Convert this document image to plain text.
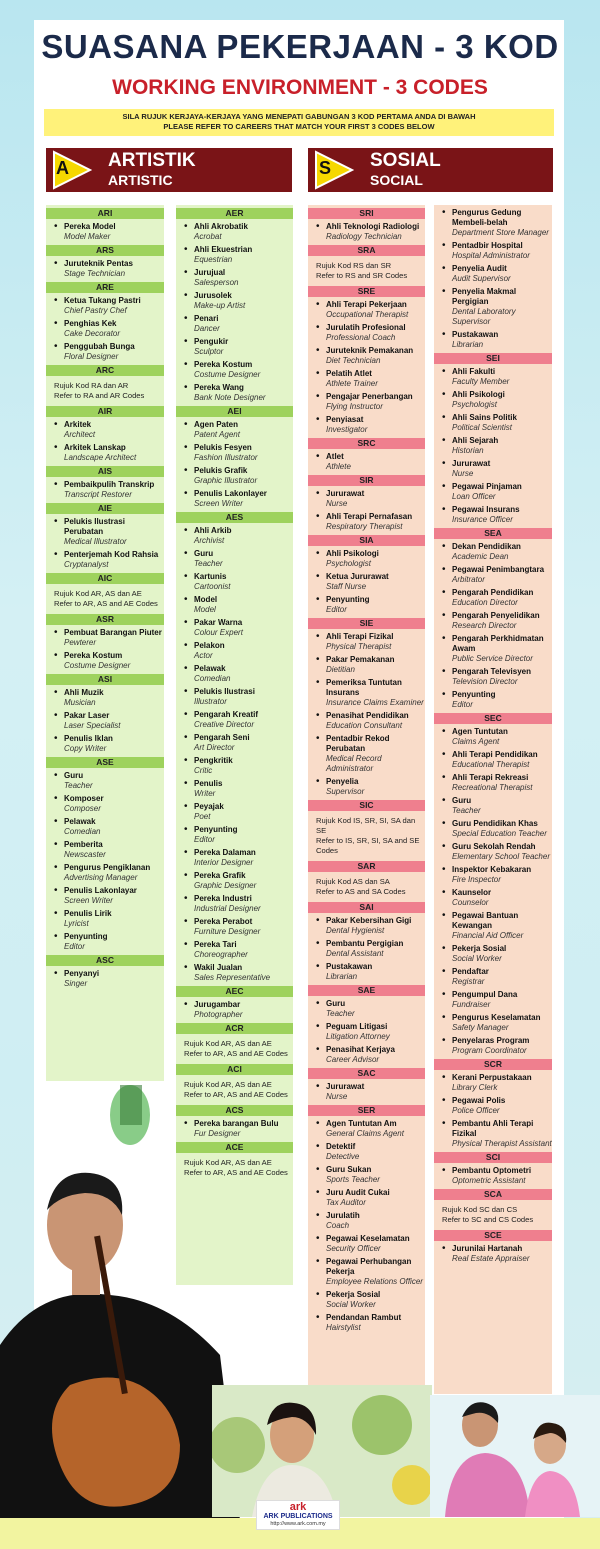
SUASANA PEKERJAAN - 3 KOD
WORKING ENVIRONMENT - 3 CODES
SILA RUJUK KERJAYA-KERJAYA YANG MENEPATI GABUNGAN 3 KOD PERTAMA ANDA DI BAWAH
PLEASE REFER TO CAREERS THAT MATCH YOUR FIRST 3 CODES BELOW
A ARTISTIK
ARTISTIC
S SOSIAL
SOCIAL
ARI
• Pereka Model
Model Maker
ARS
• Juruteknik Pentas
Stage Technician
ARE
• Ketua Tukang Pastri
Chief Pastry Chef
• Penghias Kek
Cake Decorator
• Penggubah Bunga
Floral Designer
ARC
Rujuk Kod RA dan AR
Refer to RA and AR Codes
AIR
• Arkitek
Architect
• Arkitek Lanskap
Landscape Architect
AIS
• Pembaikpulih Transkrip
Transcript Restorer
AIE
• Pelukis Ilustrasi Perubatan
Medical Illustrator
• Penterjemah Kod Rahsia
Cryptanalyst
AIC
Rujuk Kod AR, AS dan AE
Refer to AR, AS and AE Codes
ASR
• Pembuat Barangan Piuter
Pewterer
• Pereka Kostum
Costume Designer
ASI
• Ahli Muzik
Musician
• Pakar Laser
Laser Specialist
• Penulis Iklan
Copy Writer
ASE
• Guru
Teacher
• Komposer
Composer
• Pelawak
Comedian
• Pemberita
Newscaster
• Pengurus Pengiklanan
Advertising Manager
• Penulis Lakonlayar
Screen Writer
• Penulis Lirik
Lyricist
• Penyunting
Editor
ASC
• Penyanyi
Singer
AER
• Ahli Akrobatik
Acrobat
• Ahli Ekuestrian
Equestrian
• Jurujual
Salesperson
• Jurusolek
Make-up Artist
• Penari
Dancer
• Pengukir
Sculptor
• Pereka Kostum
Costume Designer
• Pereka Wang
Bank Note Designer
AEI
• Agen Paten
Patent Agent
• Pelukis Fesyen
Fashion Illustrator
• Pelukis Grafik
Graphic Illustrator
• Penulis Lakonlayer
Screen Writer
AES
• Ahli Arkib
Archivist
• Guru
Teacher
• Kartunis
Cartoonist
• Model
Model
• Pakar Warna
Colour Expert
• Pelakon
Actor
• Pelawak
Comedian
• Pelukis Ilustrasi
Illustrator
• Pengarah Kreatif
Creative Director
• Pengarah Seni
Art Director
• Pengkritik
Critic
• Penulis
Writer
• Peyajak
Poet
• Penyunting
Editor
• Pereka Dalaman
Interior Designer
• Pereka Grafik
Graphic Designer
• Pereka Industri
Industrial Designer
• Pereka Perabot
Furniture Designer
• Pereka Tari
Choreographer
• Wakil Jualan
Sales Representative
AEC
• Jurugambar
Photographer
ACR
Rujuk Kod AR, AS dan AE
Refer to AR, AS and AE Codes
ACI
Rujuk Kod AR, AS dan AE
Refer to AR, AS and AE Codes
ACS
• Pereka barangan Bulu
Fur Designer
ACE
Rujuk Kod AR, AS dan AE
Refer to AR, AS and AE Codes
SRI
• Ahli Teknologi Radiologi
Radiology Technician
SRA
Rujuk Kod RS dan SR
Refer to RS and SR Codes
SRE
• Ahli Terapi Pekerjaan
Occupational Therapist
• Jurulatih Profesional
Professional Coach
• Juruteknik Pemakanan
Diet Technician
• Pelatih Atlet
Athlete Trainer
• Pengajar Penerbangan
Flying Instructor
• Penyiasat
Investigator
SRC
• Atlet
Athlete
SIR
• Jururawat
Nurse
• Ahli Terapi Pernafasan
Respiratory Therapist
SIA
• Ahli Psikologi
Psychologist
• Ketua Jururawat
Staff Nurse
• Penyunting
Editor
SIE
• Ahli Terapi Fizikal
Physical Therapist
• Pakar Pemakanan
Dietitian
• Pemeriksa Tuntutan Insurans
Insurance Claims Examiner
• Penasihat Pendidikan
Education Consultant
• Pentadbir Rekod Perubatan
Medical Record Administrator
• Penyelia
Supervisor
SIC
Rujuk Kod IS, SR, SI, SA dan SE
Refer to IS, SR, SI, SA and SE Codes
SAR
Rujuk Kod AS dan SA
Refer to AS and SA Codes
SAI
• Pakar Kebersihan Gigi
Dental Hygienist
• Pembantu Pergigian
Dental Assistant
• Pustakawan
Librarian
SAE
• Guru
Teacher
• Peguam Litigasi
Litigation Attorney
• Penasihat Kerjaya
Career Advisor
SAC
• Jururawat
Nurse
SER
• Agen Tuntutan Am
General Claims Agent
• Detektif
Detective
• Guru Sukan
Sports Teacher
• Juru Audit Cukai
Tax Auditor
• Jurulatih
Coach
• Pegawai Keselamatan
Security Officer
• Pegawai Perhubangan Pekerja
Employee Relations Officer
• Pekerja Sosial
Social Worker
• Pendandan Rambut
Hairstylist
• Pengurus Gedung Membeli-belah
Department Store Manager
• Pentadbir Hospital
Hospital Administrator
• Penyelia Audit
Audit Supervisor
• Penyelia Makmal Pergigian
Dental Laboratory Supervisor
• Pustakawan
Librarian
SEI
• Ahli Fakulti
Faculty Member
• Ahli Psikologi
Psychologist
• Ahli Sains Politik
Political Scientist
• Ahli Sejarah
Historian
• Jururawat
Nurse
• Pegawai Pinjaman
Loan Officer
• Pegawai Insurans
Insurance Officer
SEA
• Dekan Pendidikan
Academic Dean
• Pegawai Penimbangtara
Arbitrator
• Pengarah Pendidikan
Education Director
• Pengarah Penyelidikan
Research Director
• Pengarah Perkhidmatan Awam
Public Service Director
• Pengarah Televisyen
Television Director
• Penyunting
Editor
SEC
• Agen Tuntutan
Claims Agent
• Ahli Terapi Pendidikan
Educational Therapist
• Ahli Terapi Rekreasi
Recreational Therapist
• Guru
Teacher
• Guru Pendidikan Khas
Special Education Teacher
• Guru Sekolah Rendah
Elementary School Teacher
• Inspektor Kebakaran
Fire Inspector
• Kaunselor
Counselor
• Pegawai Bantuan Kewangan
Financial Aid Officer
• Pekerja Sosial
Social Worker
• Pendaftar
Registrar
• Pengumpul Dana
Fundraiser
• Pengurus Keselamatan
Safety Manager
• Penyelaras Program
Program Coordinator
SCR
• Kerani Perpustakaan
Library Clerk
• Pegawai Polis
Police Officer
• Pembantu Ahli Terapi Fizikal
Physical Therapist Assistant
SCI
• Pembantu Optometri
Optometric Assistant
SCA
Rujuk Kod SC dan CS
Refer to SC and CS Codes
SCE
• Jurunilai Hartanah
Real Estate Appraiser
ark
ARK PUBLICATIONS
http://www.ark.com.my
